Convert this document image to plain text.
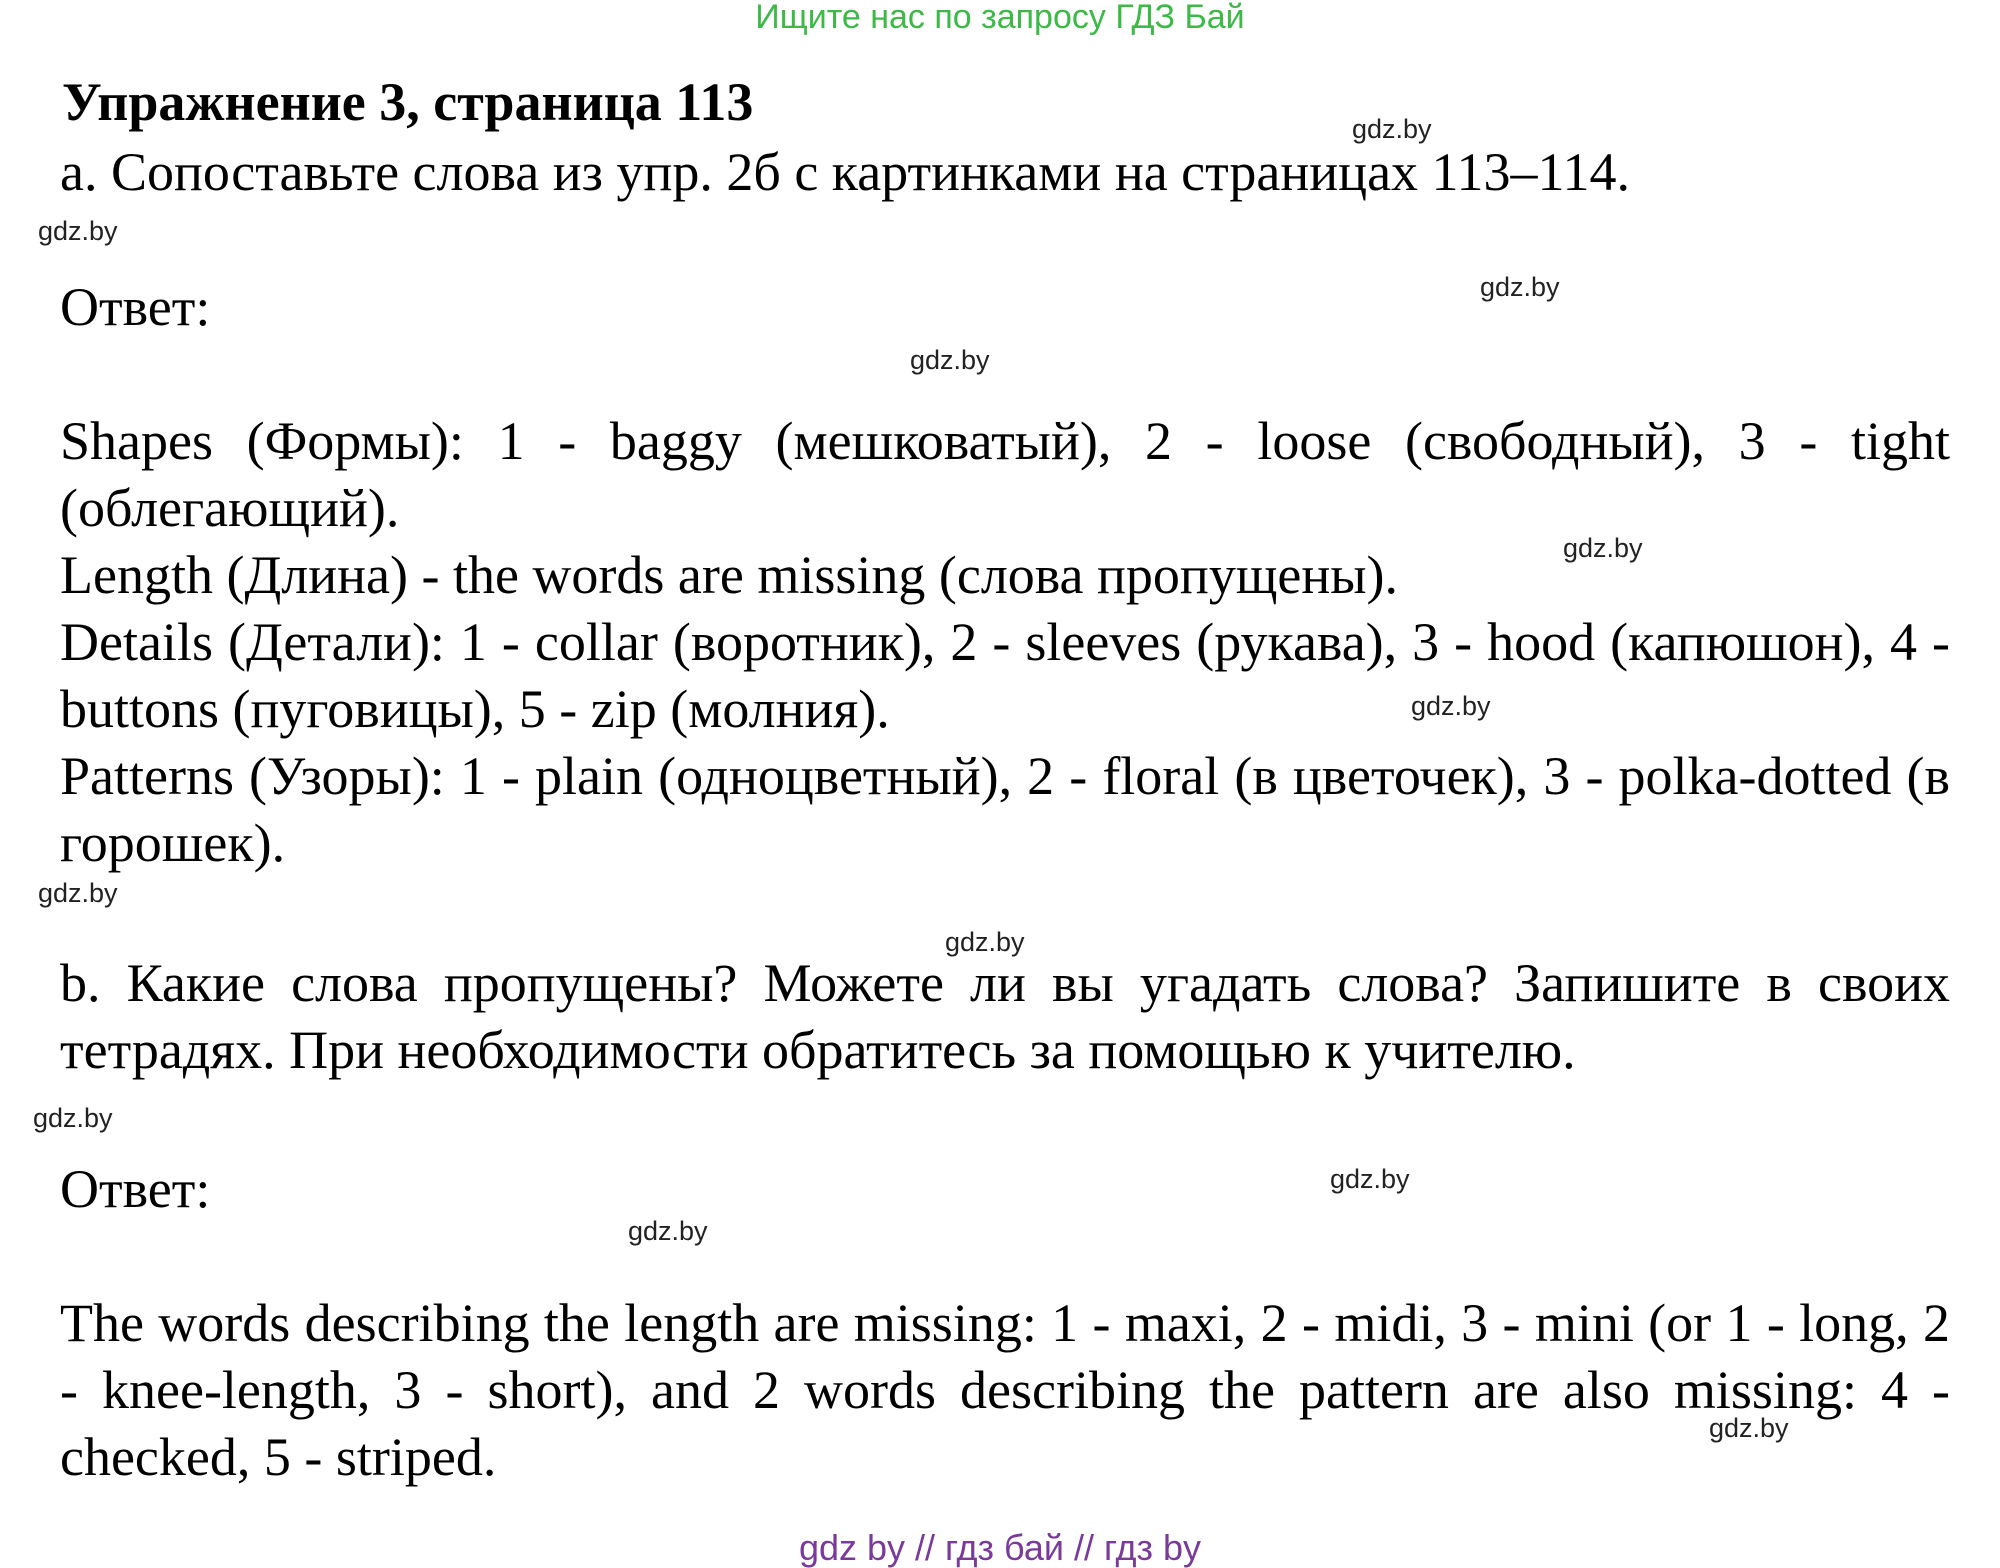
Ищите нас по запросу ГДЗ Бай
Упражнение 3, страница 113
a. Сопоставьте слова из упр. 2б с картинками на страницах 113–114.
Ответ:
Shapes (Формы): 1 - baggy (мешковатый), 2 - loose (свободный), 3 - tight (облегающий).
Length (Длина) - the words are missing (слова пропущены).
Details (Детали): 1 - collar (воротник), 2 - sleeves (рукава), 3 - hood (капюшон), 4 - buttons (пуговицы), 5 - zip (молния).
Patterns (Узоры): 1 - plain (одноцветный), 2 - floral (в цветочек), 3 - polka-dotted (в горошек).
b. Какие слова пропущены? Можете ли вы угадать слова? Запишите в своих тетрадях. При необходимости обратитесь за помощью к учителю.
Ответ:
The words describing the length are missing: 1 - maxi, 2 - midi, 3 - mini (or 1 - long, 2 - knee-length, 3 - short), and 2 words describing the pattern are also missing: 4 - checked, 5 - striped.
gdz.by
gdz.by
gdz.by
gdz.by
gdz.by
gdz.by
gdz.by
gdz.by
gdz.by
gdz.by
gdz.by
gdz.by
gdz by // гдз бай // гдз by
